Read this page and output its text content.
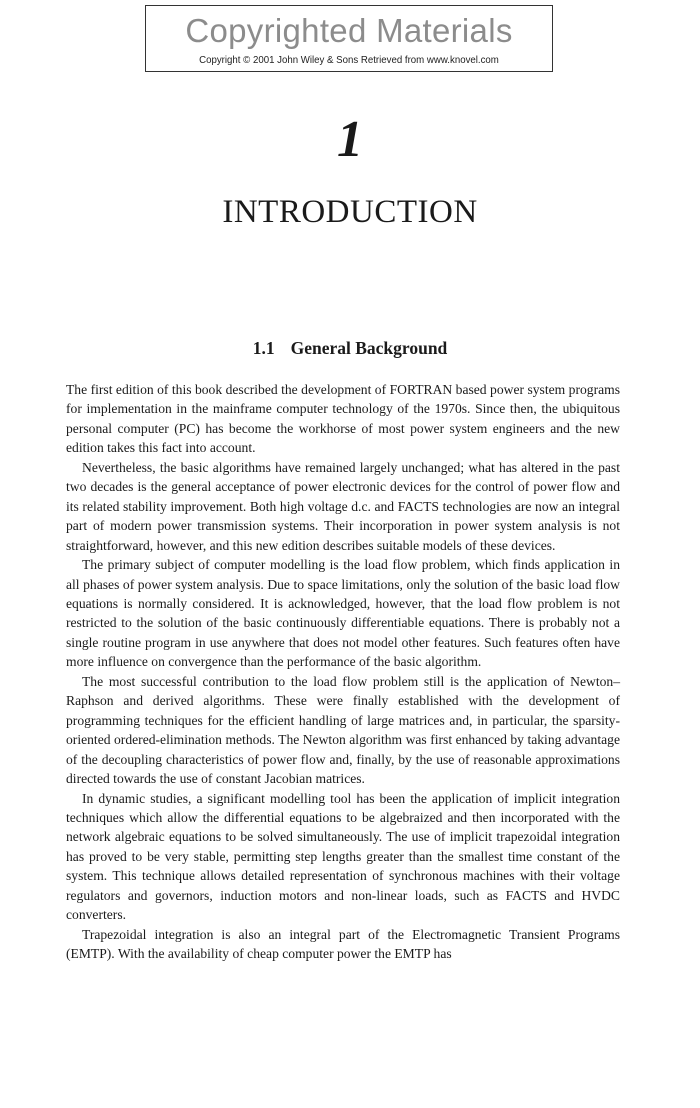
Copyrighted Materials
Copyright © 2001 John Wiley & Sons Retrieved from www.knovel.com
1
INTRODUCTION
1.1 General Background

The first edition of this book described the development of FORTRAN based power system programs for implementation in the mainframe computer technology of the 1970s. Since then, the ubiquitous personal computer (PC) has become the workhorse of most power system engineers and the new edition takes this fact into account.

Nevertheless, the basic algorithms have remained largely unchanged; what has altered in the past two decades is the general acceptance of power electronic devices for the control of power flow and its related stability improvement. Both high voltage d.c. and FACTS technologies are now an integral part of modern power transmission systems. Their incorporation in power system analysis is not straightforward, however, and this new edition describes suitable models of these devices.

The primary subject of computer modelling is the load flow problem, which finds application in all phases of power system analysis. Due to space limitations, only the solution of the basic load flow equations is normally considered. It is acknowledged, however, that the load flow problem is not restricted to the solution of the basic continuously differentiable equations. There is probably not a single routine program in use anywhere that does not model other features. Such features often have more influence on convergence than the performance of the basic algorithm.

The most successful contribution to the load flow problem still is the application of Newton–Raphson and derived algorithms. These were finally established with the development of programming techniques for the efficient handling of large matrices and, in particular, the sparsity-oriented ordered-elimination methods. The Newton algorithm was first enhanced by taking advantage of the decoupling characteristics of power flow and, finally, by the use of reasonable approximations directed towards the use of constant Jacobian matrices.

In dynamic studies, a significant modelling tool has been the application of implicit integration techniques which allow the differential equations to be algebraized and then incorporated with the network algebraic equations to be solved simultaneously. The use of implicit trapezoidal integration has proved to be very stable, permitting step lengths greater than the smallest time constant of the system. This technique allows detailed representation of synchronous machines with their voltage regulators and governors, induction motors and non-linear loads, such as FACTS and HVDC converters.

Trapezoidal integration is also an integral part of the Electromagnetic Transient Programs (EMTP). With the availability of cheap computer power the EMTP has
